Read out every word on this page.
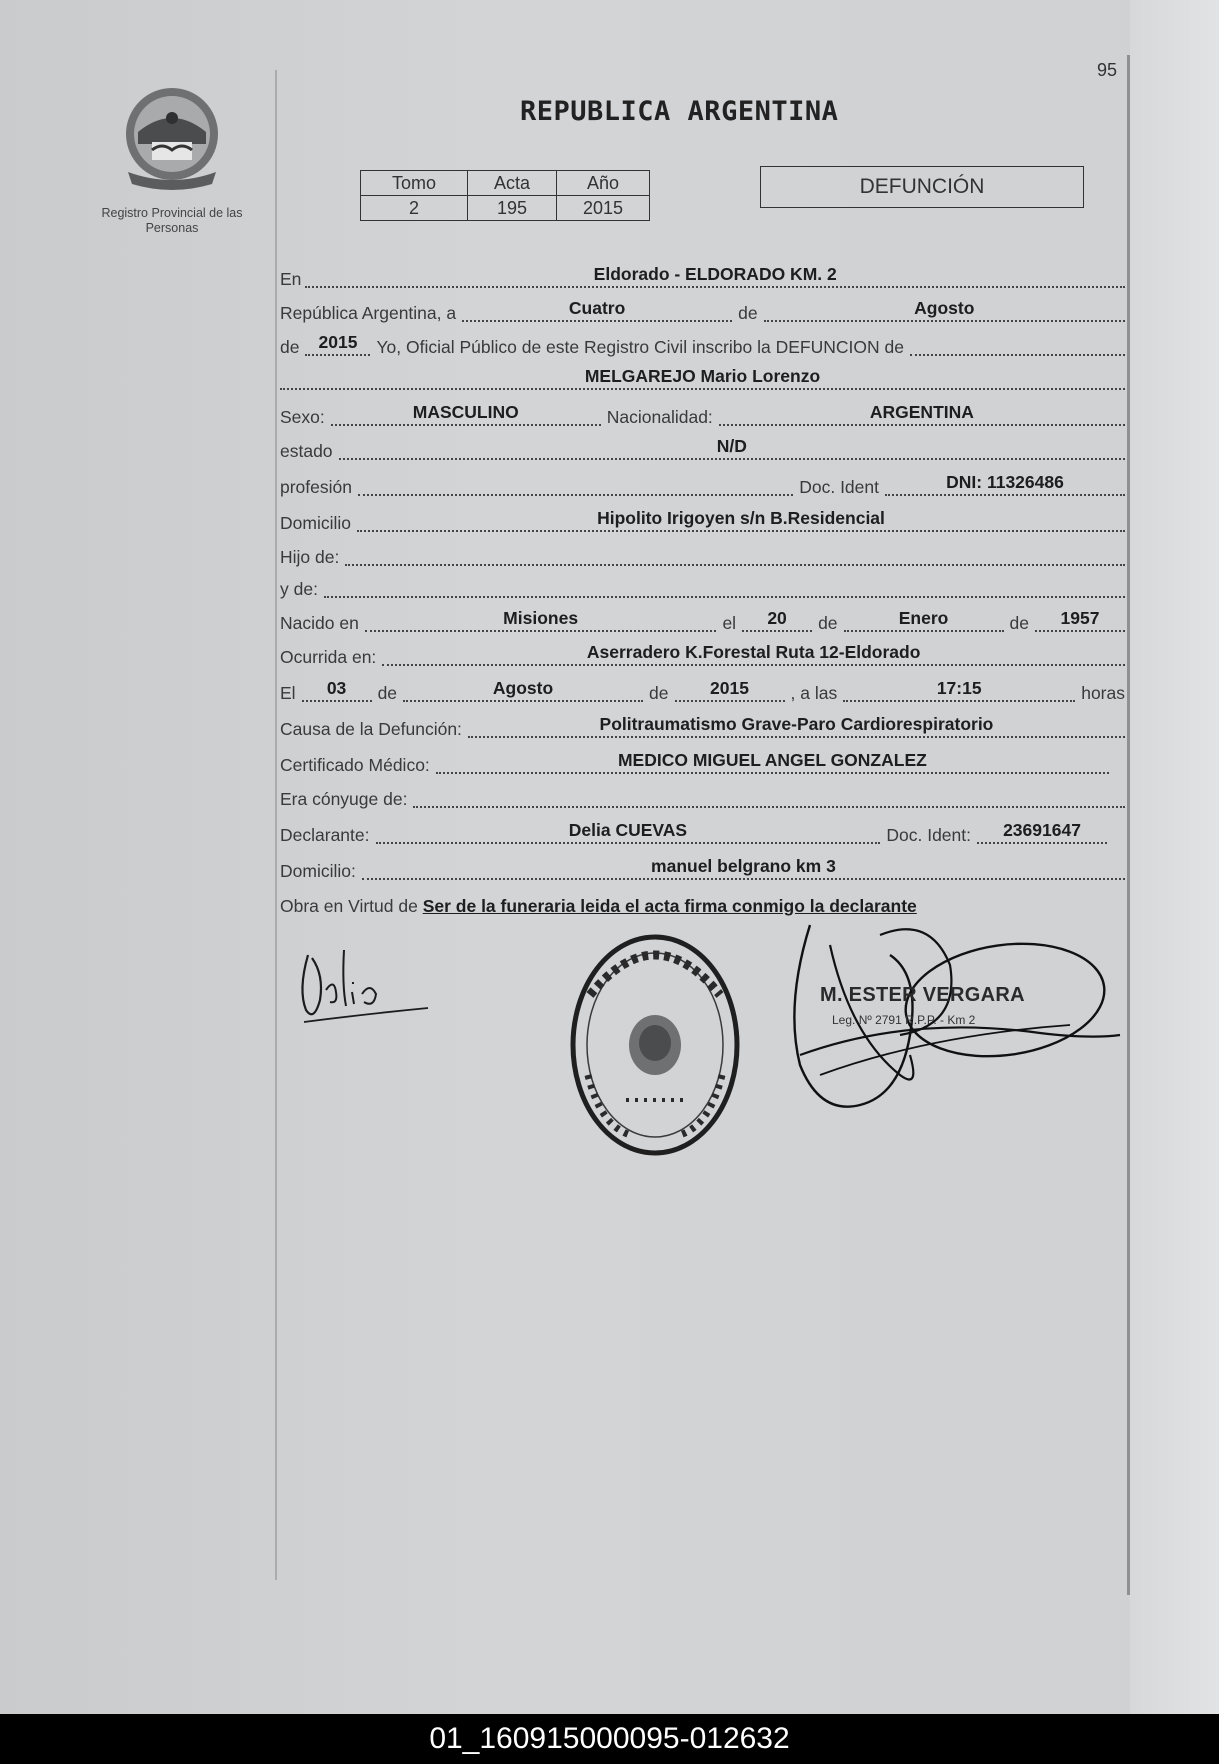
95
Registro Provincial de las Personas
REPUBLICA ARGENTINA
Tomo	Acta	Año
2	195	2015
DEFUNCIÓN
En	Eldorado - ELDORADO KM. 2
República Argentina, a	Cuatro	de	Agosto
de	2015	Yo, Oficial Público de este Registro Civil inscribo la DEFUNCION de
MELGAREJO Mario Lorenzo
Sexo:	MASCULINO	Nacionalidad:	ARGENTINA
estado	N/D
profesión	Doc. Ident	DNI: 11326486
Domicilio	Hipolito Irigoyen s/n B.Residencial
Hijo de:
y de:
Nacido en	Misiones	el	20	de	Enero	de	1957
Ocurrida en:	Aserradero K.Forestal Ruta 12-Eldorado
El	03	de	Agosto	de	2015	, a las	17:15	horas
Causa de la Defunción:	Politraumatismo Grave-Paro Cardiorespiratorio
Certificado Médico:	MEDICO MIGUEL ANGEL GONZALEZ
Era cónyuge de:
Declarante:	Delia CUEVAS	Doc. Ident:	23691647
Domicilio:	manuel belgrano km 3
Obra en Virtud de Ser de la funeraria leida el acta firma conmigo la declarante
M. ESTER VERGARA
Leg. Nº 2791 R.P.P. - Km 2
01_160915000095-012632
